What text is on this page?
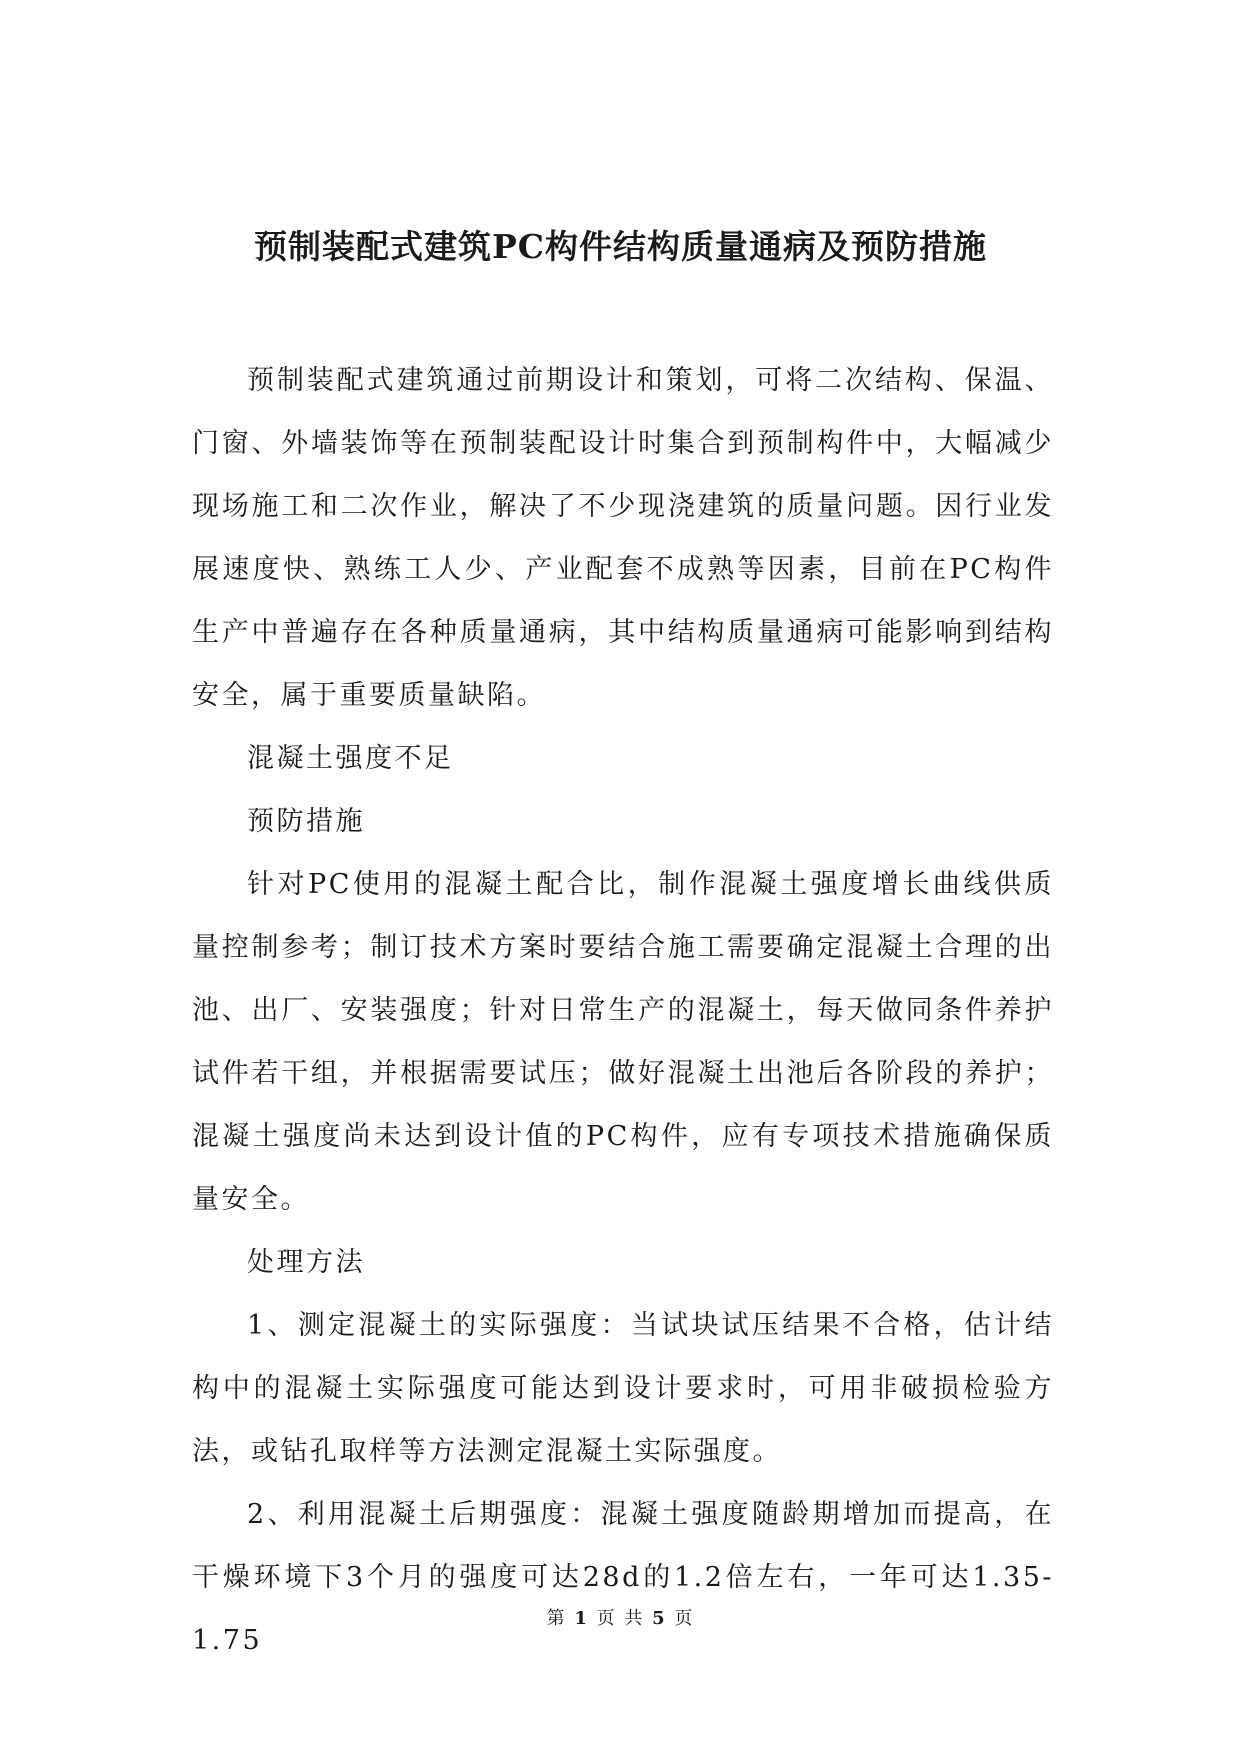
预制装配式建筑PC构件结构质量通病及预防措施

预制装配式建筑通过前期设计和策划，可将二次结构、保温、门窗、外墙装饰等在预制装配设计时集合到预制构件中，大幅减少现场施工和二次作业，解决了不少现浇建筑的质量问题。因行业发展速度快、熟练工人少、产业配套不成熟等因素，目前在PC构件生产中普遍存在各种质量通病，其中结构质量通病可能影响到结构安全，属于重要质量缺陷。

混凝土强度不足

预防措施

针对PC使用的混凝土配合比，制作混凝土强度增长曲线供质量控制参考；制订技术方案时要结合施工需要确定混凝土合理的出池、出厂、安装强度；针对日常生产的混凝土，每天做同条件养护试件若干组，并根据需要试压；做好混凝土出池后各阶段的养护；混凝土强度尚未达到设计值的PC构件，应有专项技术措施确保质量安全。

处理方法

1、测定混凝土的实际强度：当试块试压结果不合格，估计结构中的混凝土实际强度可能达到设计要求时，可用非破损检验方法，或钻孔取样等方法测定混凝土实际强度。

2、利用混凝土后期强度：混凝土强度随龄期增加而提高，在干燥环境下3个月的强度可达28d的1.2倍左右，一年可达1.35-1.75

第 1 页 共 5 页
